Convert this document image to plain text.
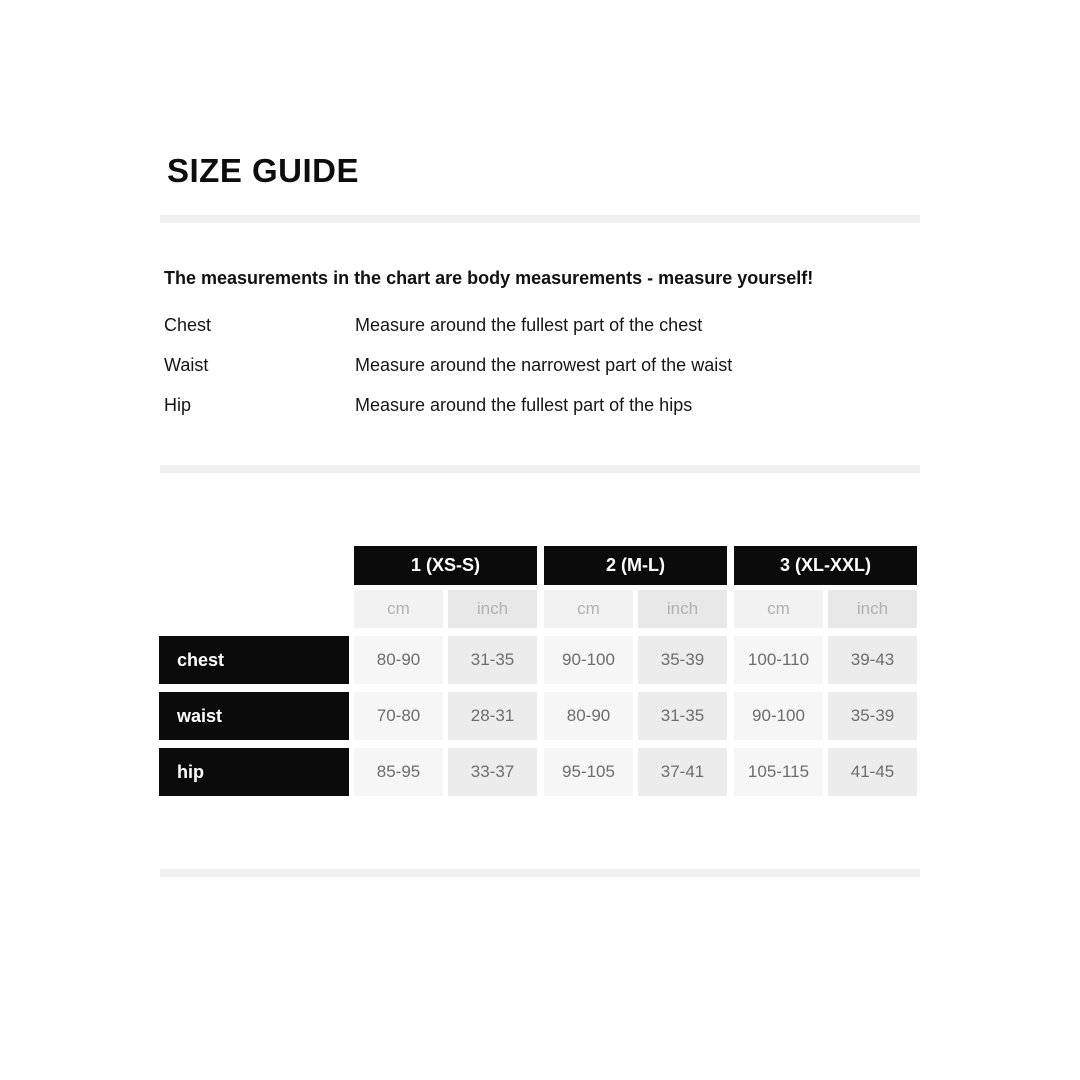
SIZE GUIDE

The measurements in the chart are body measurements - measure yourself!

Chest	Measure around the fullest part of the chest
Waist	Measure around the narrowest part of the waist
Hip	Measure around the fullest part of the hips
1 (XS-S)	2 (M-L)	3 (XL-XXL)
cm	inch	cm	inch	cm	inch
chest	80-90	31-35	90-100	35-39	100-110	39-43
waist	70-80	28-31	80-90	31-35	90-100	35-39
hip	85-95	33-37	95-105	37-41	105-115	41-45
